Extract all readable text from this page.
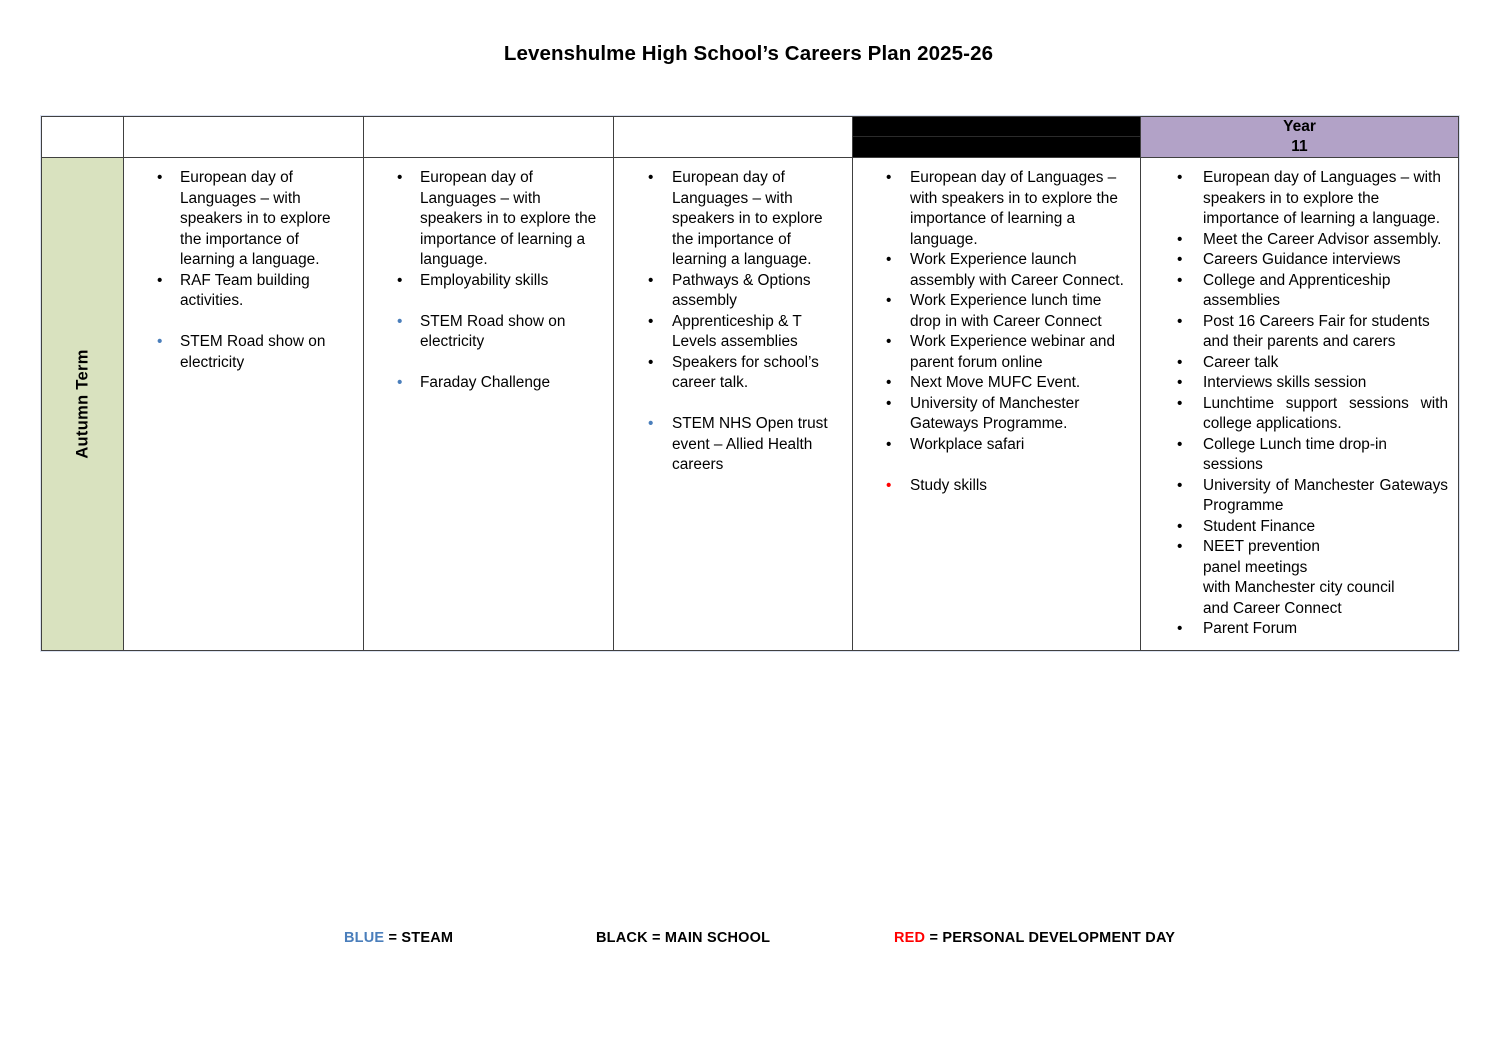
Levenshulme High School’s Careers Plan 2025-26

					Year
11

Autumn Term

• European day of Languages – with speakers in to explore the importance of learning a language.
• RAF Team building activities.
• STEM Road show on electricity

• European day of Languages – with speakers in to explore the importance of learning a language.
• Employability skills
• STEM Road show on electricity
• Faraday Challenge

• European day of Languages – with speakers in to explore the importance of learning a language.
• Pathways & Options assembly
• Apprenticeship & T Levels assemblies
• Speakers for school’s career talk.
• STEM NHS Open trust event – Allied Health careers

• European day of Languages – with speakers in to explore the importance of learning a language.
• Work Experience launch assembly with Career Connect.
• Work Experience lunch time drop in with Career Connect
• Work Experience webinar and parent forum online
• Next Move MUFC Event.
• University of Manchester Gateways Programme.
• Workplace safari
• Study skills

• European day of Languages – with speakers in to explore the importance of learning a language.
• Meet the Career Advisor assembly.
• Careers Guidance interviews
• College and Apprenticeship assemblies
• Post 16 Careers Fair for students and their parents and carers
• Career talk
• Interviews skills session
• Lunchtime support sessions with college applications.
• College Lunch time drop-in sessions
• University of Manchester Gateways Programme
• Student Finance
• NEET prevention
panel meetings
with Manchester city council
and Career Connect
• Parent Forum
BLUE = STEAM	BLACK = MAIN SCHOOL	RED = PERSONAL DEVELOPMENT DAY
